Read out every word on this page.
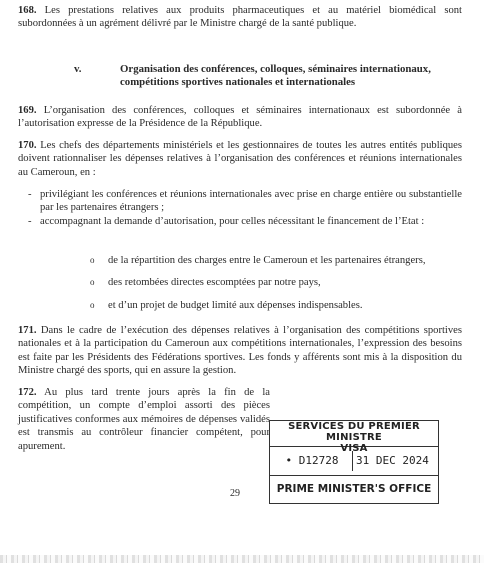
168. Les prestations relatives aux produits pharmaceutiques et au matériel biomédical sont subordonnées à un agrément délivré par le Ministre chargé de la santé publique.

v.	Organisation des conférences, colloques, séminaires internationaux, compétitions sportives nationales et internationales

169. L’organisation des conférences, colloques et séminaires internationaux est subordonnée à l’autorisation expresse de la Présidence de la République.

170. Les chefs des départements ministériels et les gestionnaires de toutes les autres entités publiques doivent rationnaliser les dépenses relatives à l’organisation des conférences et réunions internationales au Cameroun, en :

- privilégiant les conférences et réunions internationales avec prise en charge entière ou substantielle par les partenaires étrangers ;
- accompagnant la demande d’autorisation, pour celles nécessitant le financement de l’Etat :
o de la répartition des charges entre le Cameroun et les partenaires étrangers,
o des retombées directes escomptées par notre pays,
o et d’un projet de budget limité aux dépenses indispensables.

171. Dans le cadre de l’exécution des dépenses relatives à l’organisation des compétitions sportives nationales et à la participation du Cameroun aux compétitions internationales, l’expression des besoins est faite par les Présidents des Fédérations sportives. Les fonds y afférents sont mis à la disposition du Ministre chargé des sports, qui en assure la gestion.

172. Au plus tard trente jours après la fin de la compétition, un compte d’emploi assorti des pièces justificatives conformes aux mémoires de dépenses validés est transmis au contrôleur financier compétent, pour apurement.

29
SERVICES DU PREMIER MINISTRE
VISA
• D12728	31 DEC 2024
PRIME MINISTER'S OFFICE
